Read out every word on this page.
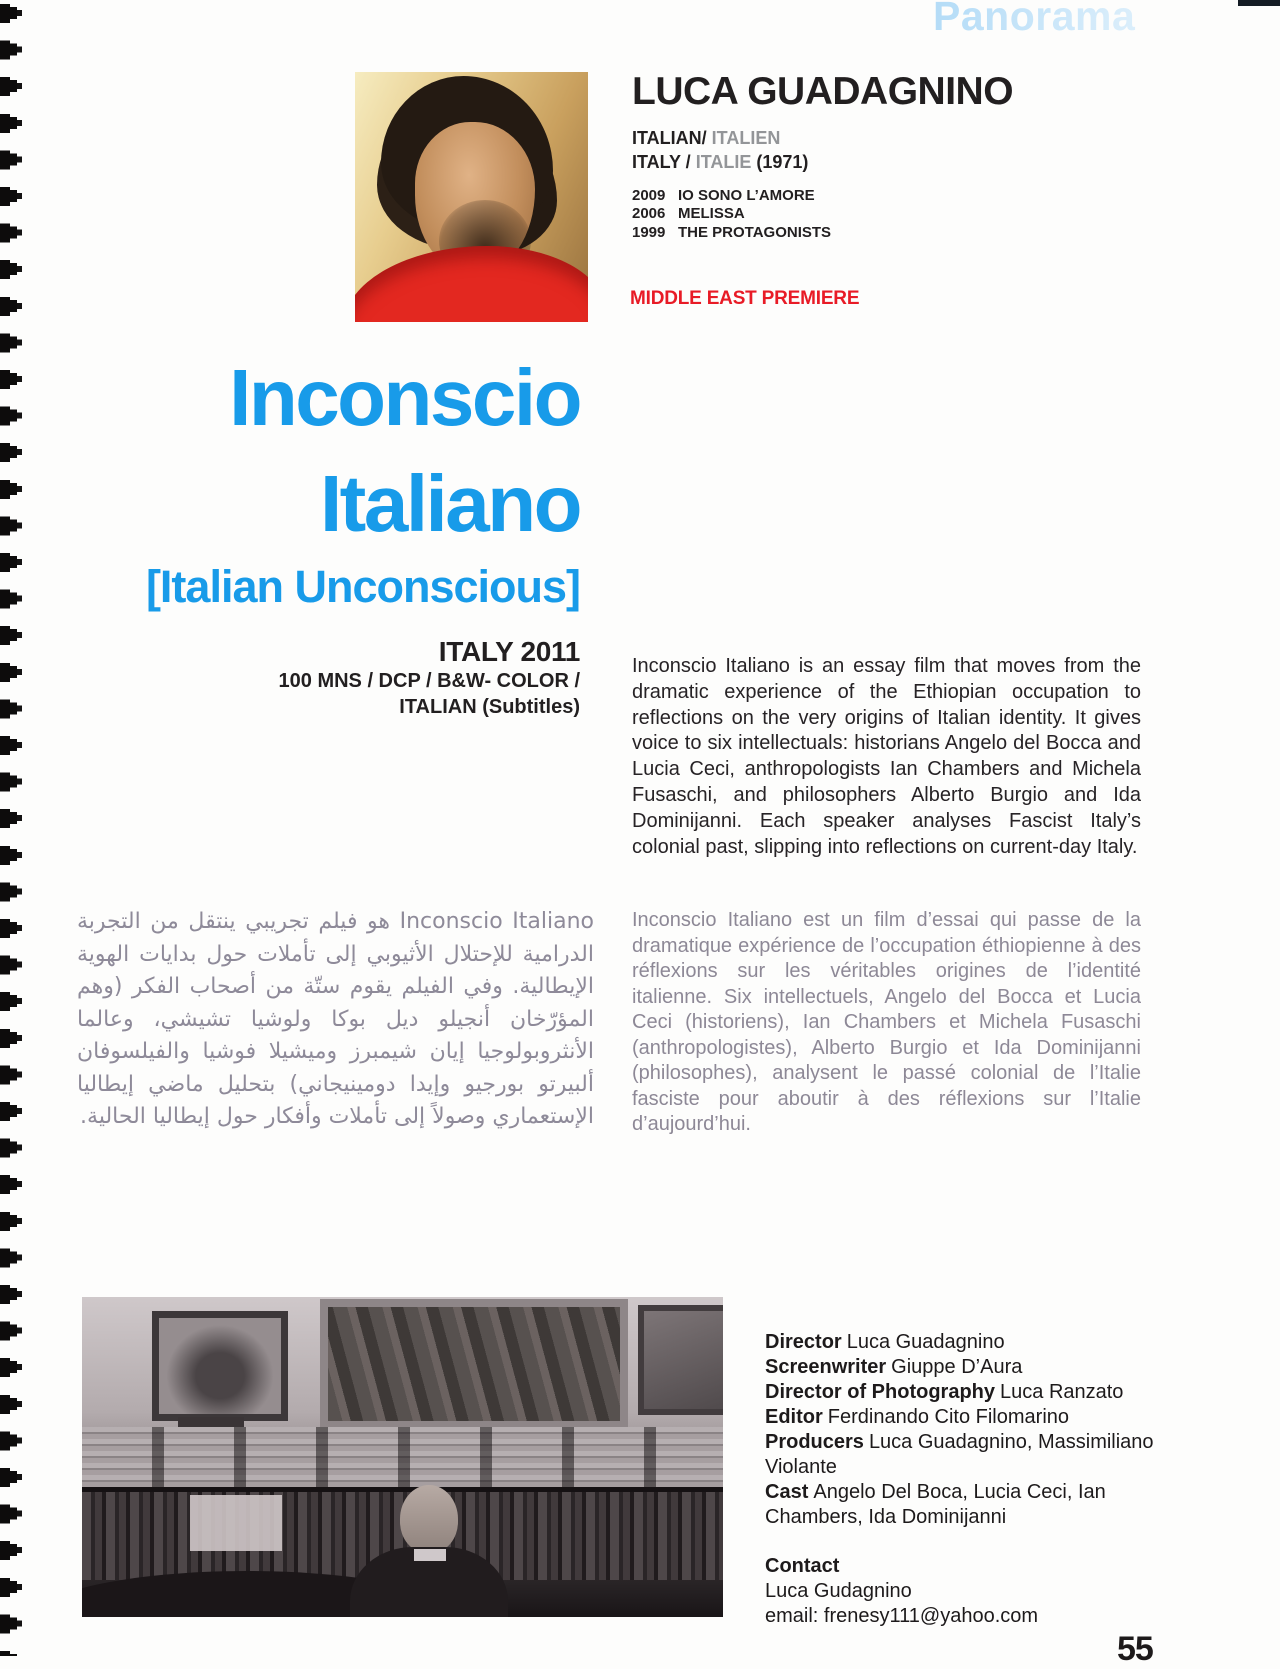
Panorama
LUCA GUADAGNINO
ITALIAN/ ITALIEN
ITALY / ITALIE (1971)
2009 IO SONO L’AMORE
2006 MELISSA
1999 THE PROTAGONISTS
MIDDLE EAST PREMIERE
Inconscio
Italiano
[Italian Unconscious]
ITALY 2011
100 MNS / DCP / B&W- COLOR /
ITALIAN (Subtitles)

Inconscio Italiano is an essay film that moves from the dramatic experience of the Ethiopian occupation to reflections on the very origins of Italian identity. It gives voice to six intellectuals: historians Angelo del Bocca and Lucia Ceci, anthropologists Ian Chambers and Michela Fusaschi, and philosophers Alberto Burgio and Ida Dominijanni. Each speaker analyses Fascist Italy’s colonial past, slipping into reflections on current-day Italy.

Inconscio Italiano هو فيلم تجريبي ينتقل من التجربة الدرامية للإحتلال الأثيوبي إلى تأملات حول بدايات الهوية الإيطالية. وفي الفيلم يقوم ستّة من أصحاب الفكر (وهم المؤرّخان أنجيلو ديل بوكا ولوشيا تشيشي، وعالما الأنثروبولوجيا إيان شيمبرز وميشيلا فوشيا والفيلسوفان ألبيرتو بورجيو وإيدا دومينيجاني) بتحليل ماضي إيطاليا الإستعماري وصولاً إلى تأملات وأفكار حول إيطاليا الحالية.

Inconscio Italiano est un film d’essai qui passe de la dramatique expérience de l’occupation éthiopienne à des réflexions sur les véritables origines de l’identité italienne. Six intellectuels, Angelo del Bocca et Lucia Ceci (historiens), Ian Chambers et Michela Fusaschi (anthropologistes), Alberto Burgio et Ida Dominijanni (philosophes), analysent le passé colonial de l’Italie fasciste pour aboutir à des réflexions sur l’Italie d’aujourd’hui.

Director Luca Guadagnino
Screenwriter Giuppe D’Aura
Director of Photography Luca Ranzato
Editor Ferdinando Cito Filomarino
Producers Luca Guadagnino, Massimiliano Violante
Cast Angelo Del Boca, Lucia Ceci, Ian Chambers, Ida Dominijanni
Contact
Luca Gudagnino
email: frenesy111@yahoo.com
55
